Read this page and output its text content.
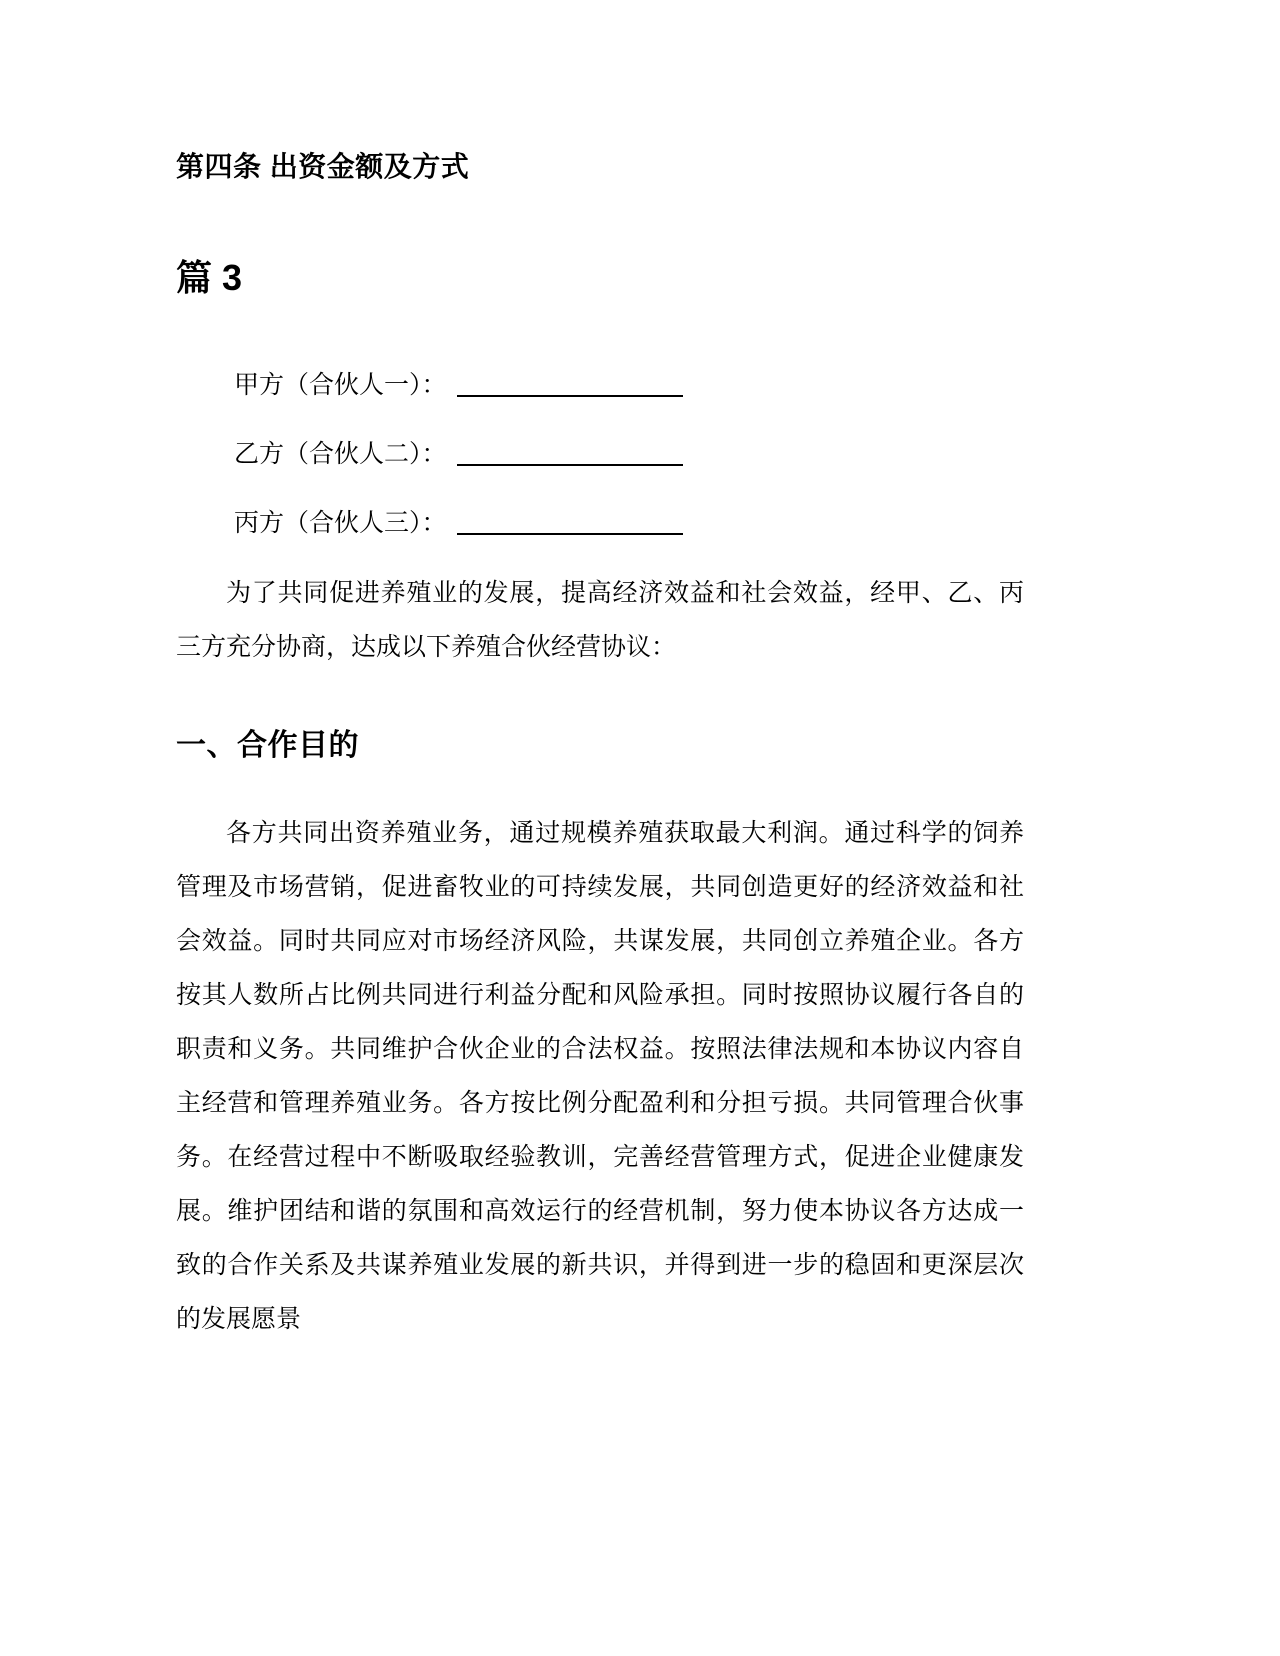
第四条 出资金额及方式
篇 3
甲方（合伙人一）：
乙方（合伙人二）：
丙方（合伙人三）：

为了共同促进养殖业的发展，提高经济效益和社会效益，经甲、乙、丙三方充分协商，达成以下养殖合伙经营协议：

一、合作目的

各方共同出资养殖业务，通过规模养殖获取最大利润。通过科学的饲养管理及市场营销，促进畜牧业的可持续发展，共同创造更好的经济效益和社会效益。同时共同应对市场经济风险，共谋发展，共同创立养殖企业。各方按其人数所占比例共同进行利益分配和风险承担。同时按照协议履行各自的职责和义务。共同维护合伙企业的合法权益。按照法律法规和本协议内容自主经营和管理养殖业务。各方按比例分配盈利和分担亏损。共同管理合伙事务。在经营过程中不断吸取经验教训，完善经营管理方式，促进企业健康发展。维护团结和谐的氛围和高效运行的经营机制，努力使本协议各方达成一致的合作关系及共谋养殖业发展的新共识，并得到进一步的稳固和更深层次的发展愿景
